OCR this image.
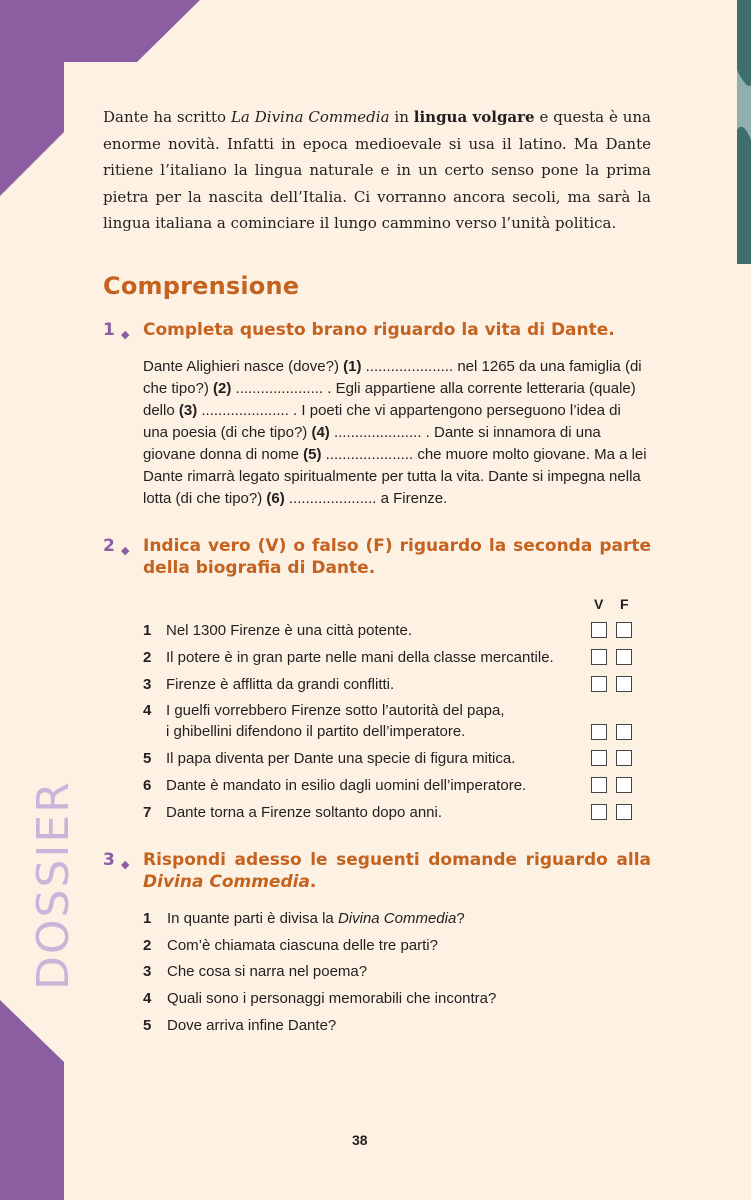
Dante ha scritto La Divina Commedia in lingua volgare e questa è una enorme novità. Infatti in epoca medioevale si usa il latino. Ma Dante ritiene l’italiano la lingua naturale e in un certo senso pone la prima pietra per la nascita dell’Italia. Ci vorranno ancora secoli, ma sarà la lingua italiana a cominciare il lungo cammino verso l’unità politica.

Comprensione
1 ◆ Completa questo brano riguardo la vita di Dante.

Dante Alighieri nasce (dove?) (1) ..................... nel 1265 da una famiglia (di che tipo?) (2) ..................... . Egli appartiene alla corrente letteraria (quale) dello (3) ..................... . I poeti che vi appartengono perseguono l’idea di una poesia (di che tipo?) (4) ..................... . Dante si innamora di una giovane donna di nome (5) ..................... che muore molto giovane. Ma a lei Dante rimarrà legato spiritualmente per tutta la vita. Dante si impegna nella lotta (di che tipo?) (6) ..................... a Firenze.

2 ◆ Indica vero (V) o falso (F) riguardo la seconda parte della biografia di Dante.
V F
1 Nel 1300 Firenze è una città potente.
2 Il potere è in gran parte nelle mani della classe mercantile.
3 Firenze è afflitta da grandi conflitti.
4 I guelfi vorrebbero Firenze sotto l’autorità del papa,
i ghibellini difendono il partito dell’imperatore.
5 Il papa diventa per Dante una specie di figura mitica.
6 Dante è mandato in esilio dagli uomini dell’imperatore.
7 Dante torna a Firenze soltanto dopo anni.
3 ◆ Rispondi adesso le seguenti domande riguardo alla Divina Commedia.
1 In quante parti è divisa la Divina Commedia?
2 Com’è chiamata ciascuna delle tre parti?
3 Che cosa si narra nel poema?
4 Quali sono i personaggi memorabili che incontra?
5 Dove arriva infine Dante?
DOSSIER
38
